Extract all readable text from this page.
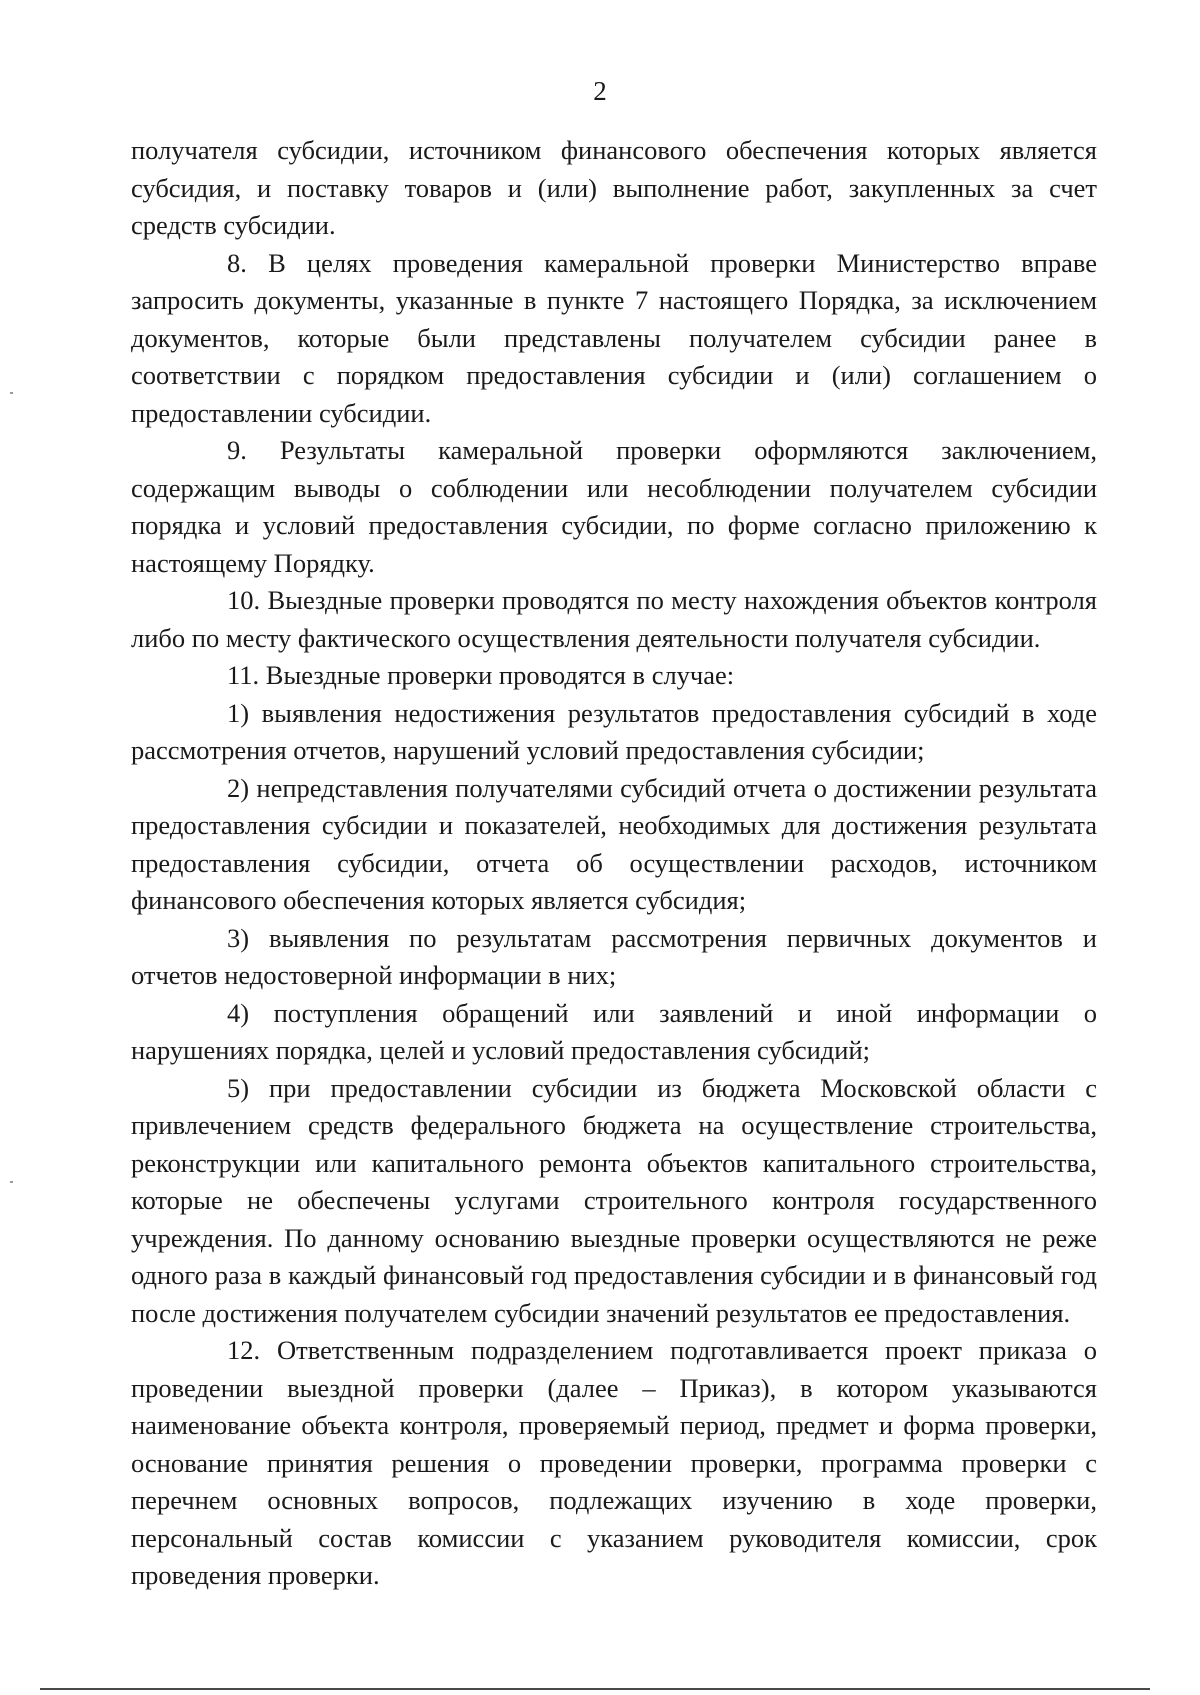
2

получателя субсидии, источником финансового обеспечения которых является субсидия, и поставку товаров и (или) выполнение работ, закупленных за счет средств субсидии.

8. В целях проведения камеральной проверки Министерство вправе запросить документы, указанные в пункте 7 настоящего Порядка, за исключением документов, которые были представлены получателем субсидии ранее в соответствии с порядком предоставления субсидии и (или) соглашением о предоставлении субсидии.

9. Результаты камеральной проверки оформляются заключением, содержащим выводы о соблюдении или несоблюдении получателем субсидии порядка и условий предоставления субсидии, по форме согласно приложению к настоящему Порядку.

10. Выездные проверки проводятся по месту нахождения объектов контроля либо по месту фактического осуществления деятельности получателя субсидии.

11. Выездные проверки проводятся в случае:

1) выявления недостижения результатов предоставления субсидий в ходе рассмотрения отчетов, нарушений условий предоставления субсидии;

2) непредставления получателями субсидий отчета о достижении результата предоставления субсидии и показателей, необходимых для достижения результата предоставления субсидии, отчета об осуществлении расходов, источником финансового обеспечения которых является субсидия;

3) выявления по результатам рассмотрения первичных документов и отчетов недостоверной информации в них;

4) поступления обращений или заявлений и иной информации о нарушениях порядка, целей и условий предоставления субсидий;

5) при предоставлении субсидии из бюджета Московской области с привлечением средств федерального бюджета на осуществление строительства, реконструкции или капитального ремонта объектов капитального строительства, которые не обеспечены услугами строительного контроля государственного учреждения. По данному основанию выездные проверки осуществляются не реже одного раза в каждый финансовый год предоставления субсидии и в финансовый год после достижения получателем субсидии значений результатов ее предоставления.

12. Ответственным подразделением подготавливается проект приказа о проведении выездной проверки (далее – Приказ), в котором указываются наименование объекта контроля, проверяемый период, предмет и форма проверки, основание принятия решения о проведении проверки, программа проверки с перечнем основных вопросов, подлежащих изучению в ходе проверки, персональный состав комиссии с указанием руководителя комиссии, срок проведения проверки.
